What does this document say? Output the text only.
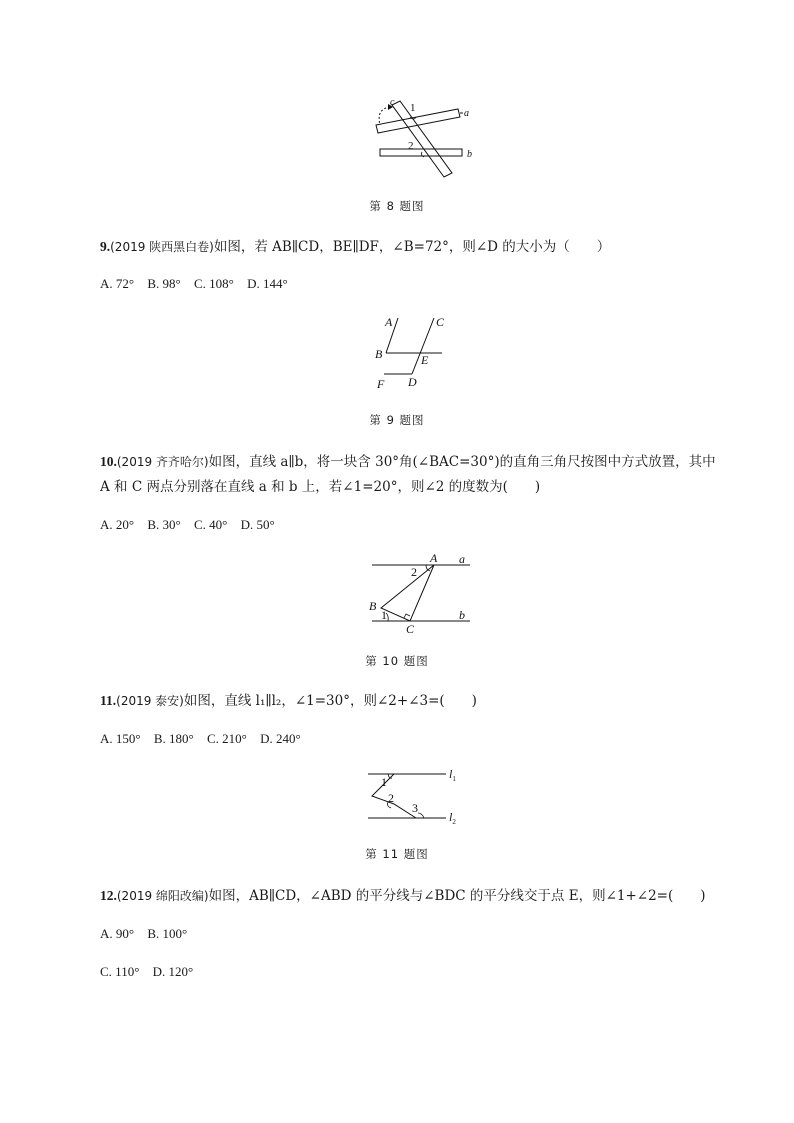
c 1	a
2
b
第 8 题图
9.(2019 陕西黑白卷)如图，若 AB∥CD，BE∥DF，∠B=72°，则∠D 的大小为（　　）
A. 72° B. 98° C. 108° D. 144°
A	C
B	E
F D
第 9 题图
10.(2019 齐齐哈尔)如图，直线 a∥b，将一块含 30°角(∠BAC=30°)的直角三角尺按图中方式放置，其中 A 和 C 两点分别落在直线 a 和 b 上，若∠1=20°，则∠2 的度数为(　　)
A. 20° B. 30° C. 40° D. 50°
A a
2
B
1
C
b
第 10 题图
11.(2019 泰安)如图，直线 l₁∥l₂，∠1=30°，则∠2+∠3=(　　)
A. 150° B. 180° C. 210° D. 240°
1
2
3
$l_1$
$l_2$
第 11 题图
12.(2019 绵阳改编)如图，AB∥CD，∠ABD 的平分线与∠BDC 的平分线交于点 E，则∠1+∠2=(　　)
A. 90° B. 100°
C. 110° D. 120°
